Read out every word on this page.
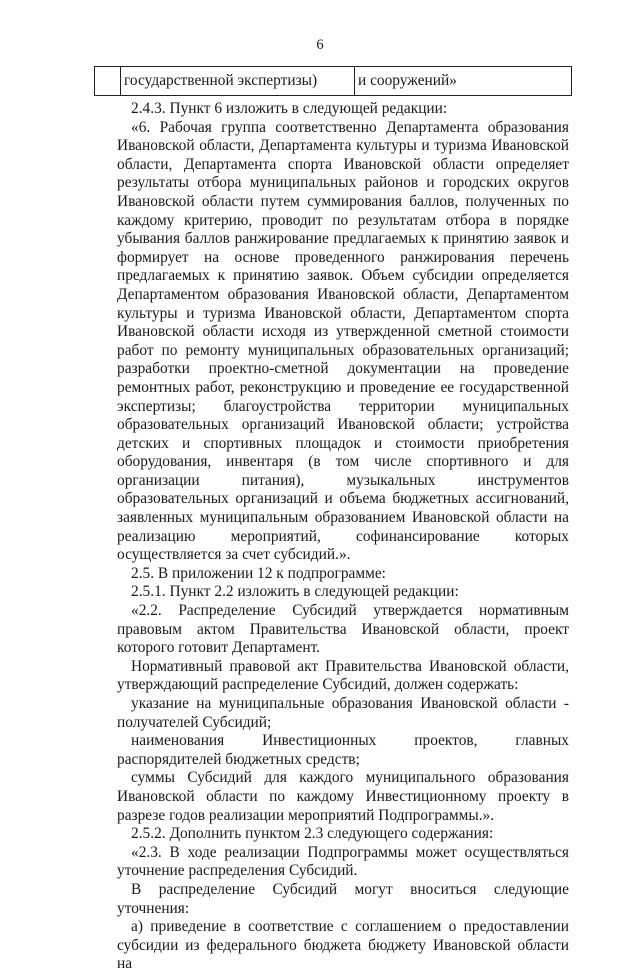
6
	государственной экспертизы)	и сооружений»

2.4.3. Пункт 6 изложить в следующей редакции:

«6. Рабочая группа соответственно Департамента образования Ивановской области, Департамента культуры и туризма Ивановской области, Департамента спорта Ивановской области определяет результаты отбора муниципальных районов и городских округов Ивановской области путем суммирования баллов, полученных по каждому критерию, проводит по результатам отбора в порядке убывания баллов ранжирование предлагаемых к принятию заявок и формирует на основе проведенного ранжирования перечень предлагаемых к принятию заявок. Объем субсидии определяется Департаментом образования Ивановской области, Департаментом культуры и туризма Ивановской области, Департаментом спорта Ивановской области исходя из утвержденной сметной стоимости работ по ремонту муниципальных образовательных организаций; разработки проектно-сметной документации на проведение ремонтных работ, реконструкцию и проведение ее государственной экспертизы; благоустройства территории муниципальных образовательных организаций Ивановской области; устройства детских и спортивных площадок и стоимости приобретения оборудования, инвентаря (в том числе спортивного и для организации питания), музыкальных инструментов образовательных организаций и объема бюджетных ассигнований, заявленных муниципальным образованием Ивановской области на реализацию мероприятий, софинансирование которых осуществляется за счет субсидий.».

2.5. В приложении 12 к подпрограмме:

2.5.1. Пункт 2.2 изложить в следующей редакции:

«2.2. Распределение Субсидий утверждается нормативным правовым актом Правительства Ивановской области, проект которого готовит Департамент.

Нормативный правовой акт Правительства Ивановской области, утверждающий распределение Субсидий, должен содержать:

указание на муниципальные образования Ивановской области - получателей Субсидий;

наименования Инвестиционных проектов, главных распорядителей бюджетных средств;

суммы Субсидий для каждого муниципального образования Ивановской области по каждому Инвестиционному проекту в разрезе годов реализации мероприятий Подпрограммы.».

2.5.2. Дополнить пунктом 2.3 следующего содержания:

«2.3. В ходе реализации Подпрограммы может осуществляться уточнение распределения Субсидий.

В распределение Субсидий могут вноситься следующие уточнения:

а) приведение в соответствие с соглашением о предоставлении субсидии из федерального бюджета бюджету Ивановской области на
